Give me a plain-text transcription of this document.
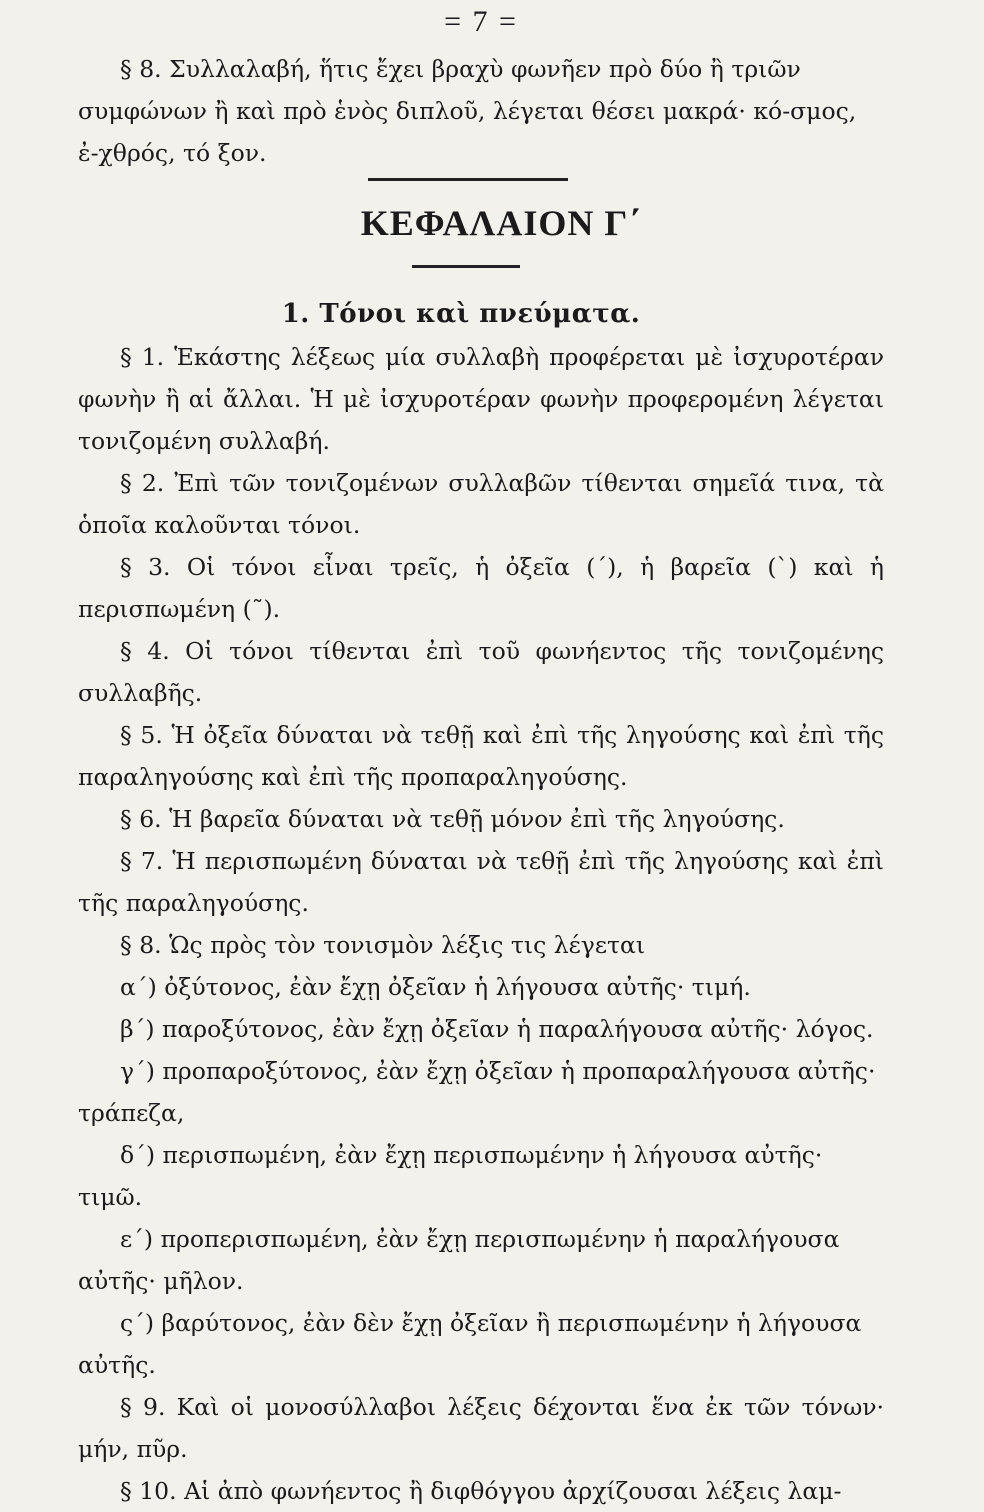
= 7 =

§ 8. Συλλαλαβή, ἥτις ἔχει βραχὺ φωνῆεν πρὸ δύο ἢ τριῶν

συμφώνων ἢ καὶ πρὸ ἑνὸς διπλοῦ, λέγεται θέσει μακρά· κό-σμος,

ἐ-χθρός, τό ξον.

ΚΕΦΑΛΑΙΟΝ Γ΄
1. Τόνοι καὶ πνεύματα.

§ 1. Ἑκάστης λέξεως μία συλλαβὴ προφέρεται μὲ ἰσχυροτέραν φωνὴν ἢ αἱ ἄλλαι. Ἡ μὲ ἰσχυροτέραν φωνὴν προφερομένη λέγεται τονιζομένη συλλαβή.

§ 2. Ἐπὶ τῶν τονιζομένων συλλαβῶν τίθενται σημεῖά τινα, τὰ ὁποῖα καλοῦνται τόνοι.

§ 3. Οἱ τόνοι εἶναι τρεῖς, ἡ ὀξεῖα (΄), ἡ βαρεῖα (`) καὶ ἡ περισπωμένη (῀).

§ 4. Οἱ τόνοι τίθενται ἐπὶ τοῦ φωνήεντος τῆς τονιζομένης συλλαβῆς.

§ 5. Ἡ ὀξεῖα δύναται νὰ τεθῇ καὶ ἐπὶ τῆς ληγούσης καὶ ἐπὶ τῆς παραληγούσης καὶ ἐπὶ τῆς προπαραληγούσης.

§ 6. Ἡ βαρεῖα δύναται νὰ τεθῇ μόνον ἐπὶ τῆς ληγούσης.

§ 7. Ἡ περισπωμένη δύναται νὰ τεθῇ ἐπὶ τῆς ληγούσης καὶ ἐπὶ τῆς παραληγούσης.

§ 8. Ὡς πρὸς τὸν τονισμὸν λέξις τις λέγεται

α΄) ὀξύτονος, ἐὰν ἔχῃ ὀξεῖαν ἡ λήγουσα αὐτῆς· τιμή.

β΄) παροξύτονος, ἐὰν ἔχῃ ὀξεῖαν ἡ παραλήγουσα αὐτῆς· λόγος.

γ΄) προπαροξύτονος, ἐὰν ἔχῃ ὀξεῖαν ἡ προπαραλήγουσα αὐτῆς·
τράπεζα,

δ΄) περισπωμένη, ἐὰν ἔχῃ περισπωμένην ἡ λήγουσα αὐτῆς·
τιμῶ.

ε΄) προπερισπωμένη, ἐὰν ἔχῃ περισπωμένην ἡ παραλήγουσα
αὐτῆς· μῆλον.

ς΄) βαρύτονος, ἐὰν δὲν ἔχῃ ὀξεῖαν ἢ περισπωμένην ἡ λήγουσα
αὐτῆς.

§ 9. Καὶ οἱ μονοσύλλαβοι λέξεις δέχονται ἕνα ἐκ τῶν τόνων· μήν, πῦρ.

§ 10. Αἱ ἀπὸ φωνήεντος ἢ διφθόγγου ἀρχίζουσαι λέξεις λαμ-
